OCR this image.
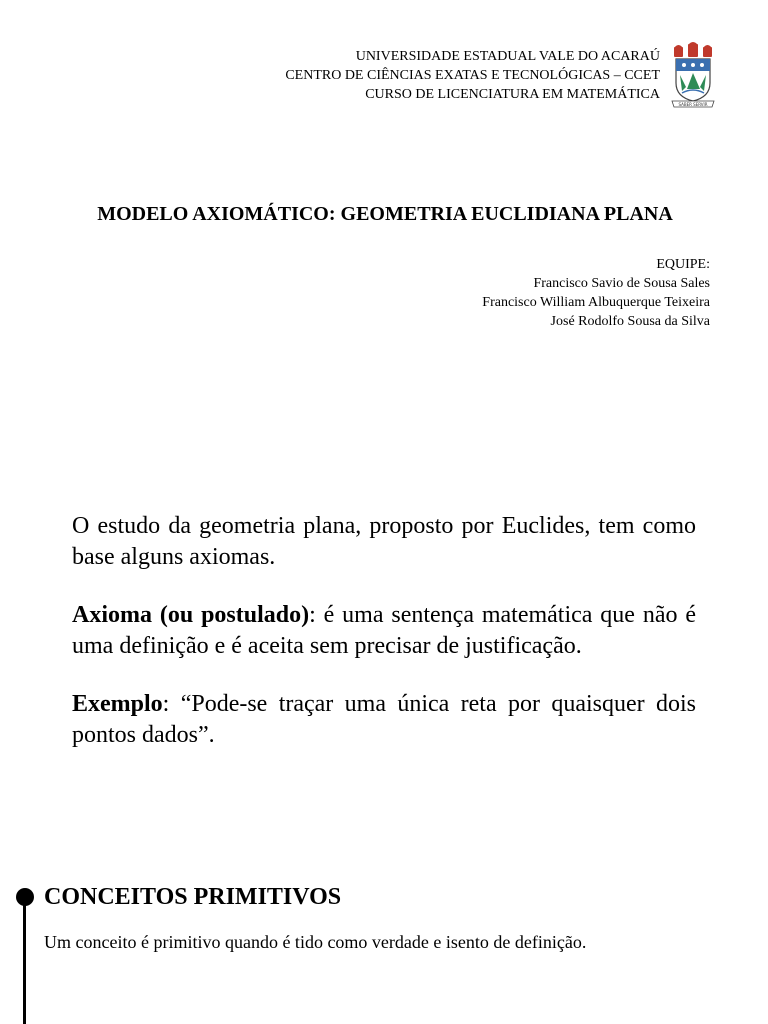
UNIVERSIDADE ESTADUAL VALE DO ACARAÚ
CENTRO DE CIÊNCIAS EXATAS E TECNOLÓGICAS – CCET
CURSO DE LICENCIATURA EM MATEMÁTICA
SABER SERVIR
MODELO AXIOMÁTICO: GEOMETRIA EUCLIDIANA PLANA
EQUIPE:
Francisco Savio de Sousa Sales
Francisco William Albuquerque Teixeira
José Rodolfo Sousa da Silva

O estudo da geometria plana, proposto por Euclides, tem como base alguns axiomas.

Axioma (ou postulado): é uma sentença matemática que não é uma definição e é aceita sem precisar de justificação.

Exemplo: “Pode-se traçar uma única reta por quaisquer dois pontos dados”.

CONCEITOS PRIMITIVOS
Um conceito é primitivo quando é tido como verdade e isento de definição.
